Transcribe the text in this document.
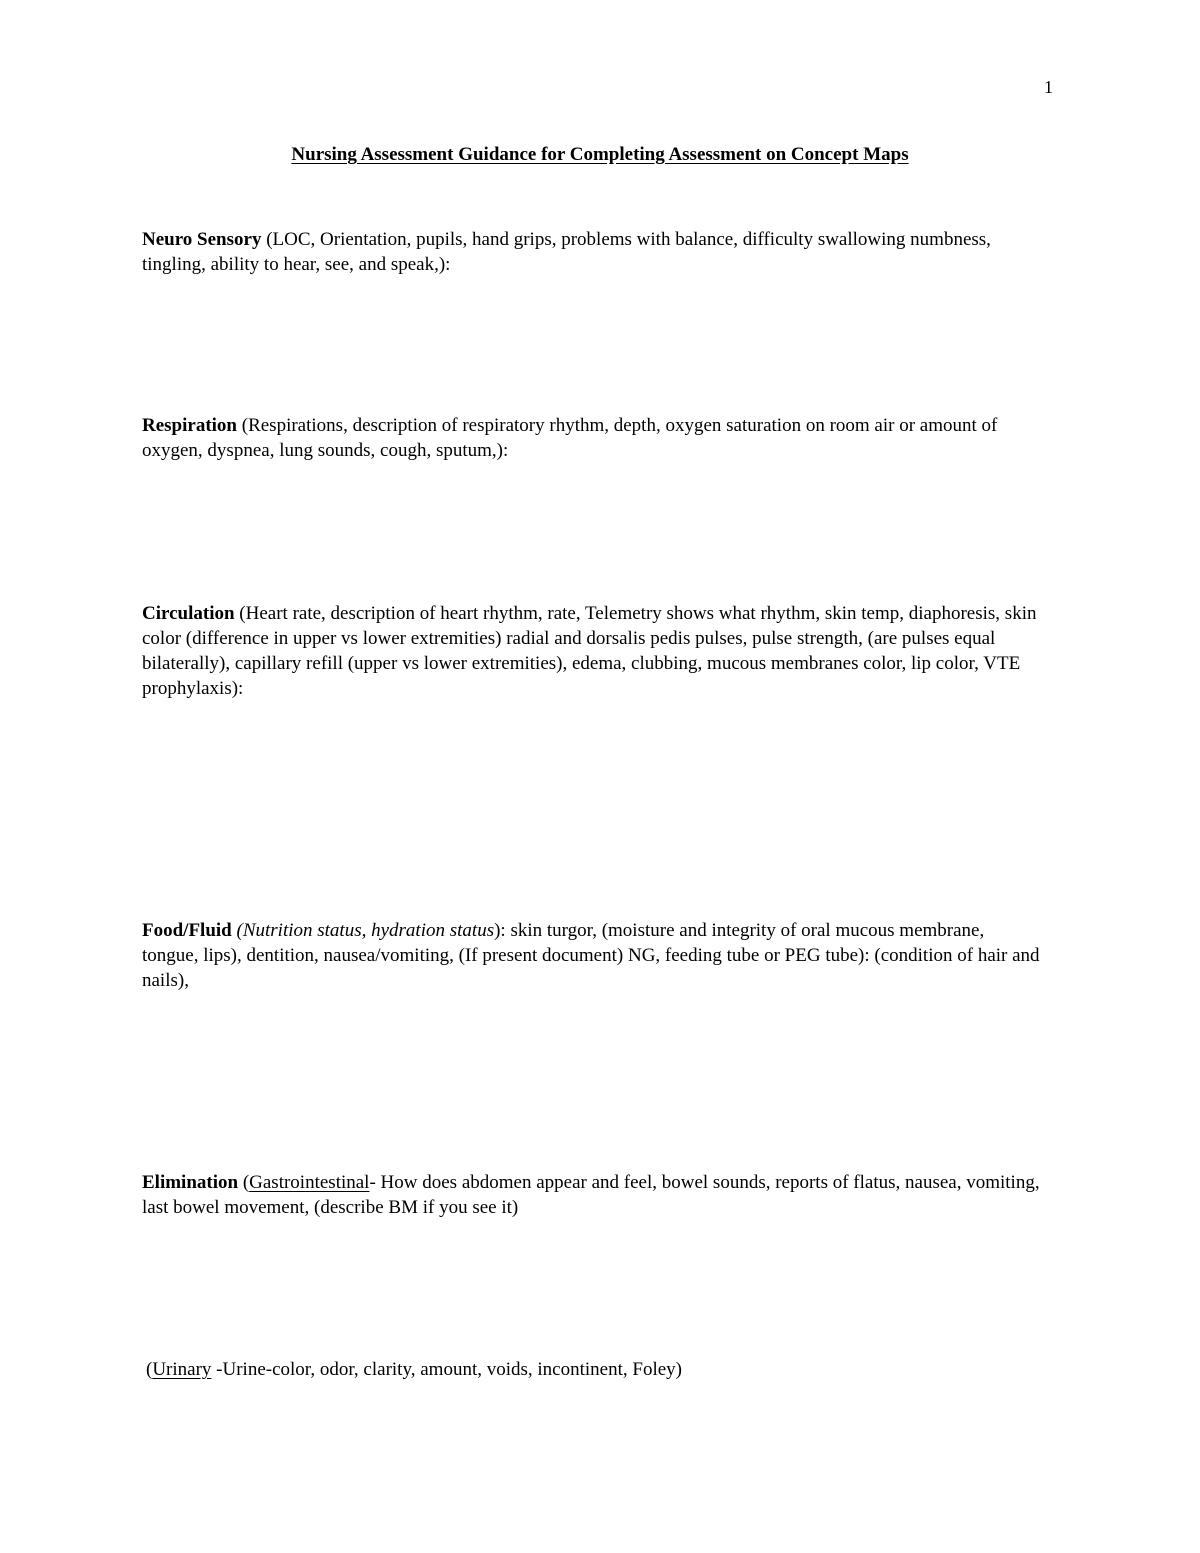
1
Nursing Assessment Guidance for Completing Assessment on Concept Maps

Neuro Sensory (LOC, Orientation, pupils, hand grips, problems with balance, difficulty swallowing numbness, tingling, ability to hear, see, and speak,):

Respiration (Respirations, description of respiratory rhythm, depth, oxygen saturation on room air or amount of oxygen, dyspnea, lung sounds, cough, sputum,):

Circulation (Heart rate, description of heart rhythm, rate, Telemetry shows what rhythm, skin temp, diaphoresis, skin color (difference in upper vs lower extremities) radial and dorsalis pedis pulses, pulse strength, (are pulses equal bilaterally), capillary refill (upper vs lower extremities), edema, clubbing, mucous membranes color, lip color, VTE prophylaxis):

Food/Fluid (Nutrition status, hydration status): skin turgor, (moisture and integrity of oral mucous membrane, tongue, lips), dentition, nausea/vomiting, (If present document) NG, feeding tube or PEG tube): (condition of hair and nails),

Elimination (Gastrointestinal- How does abdomen appear and feel, bowel sounds, reports of flatus, nausea, vomiting, last bowel movement, (describe BM if you see it)

(Urinary -Urine-color, odor, clarity, amount, voids, incontinent, Foley)
